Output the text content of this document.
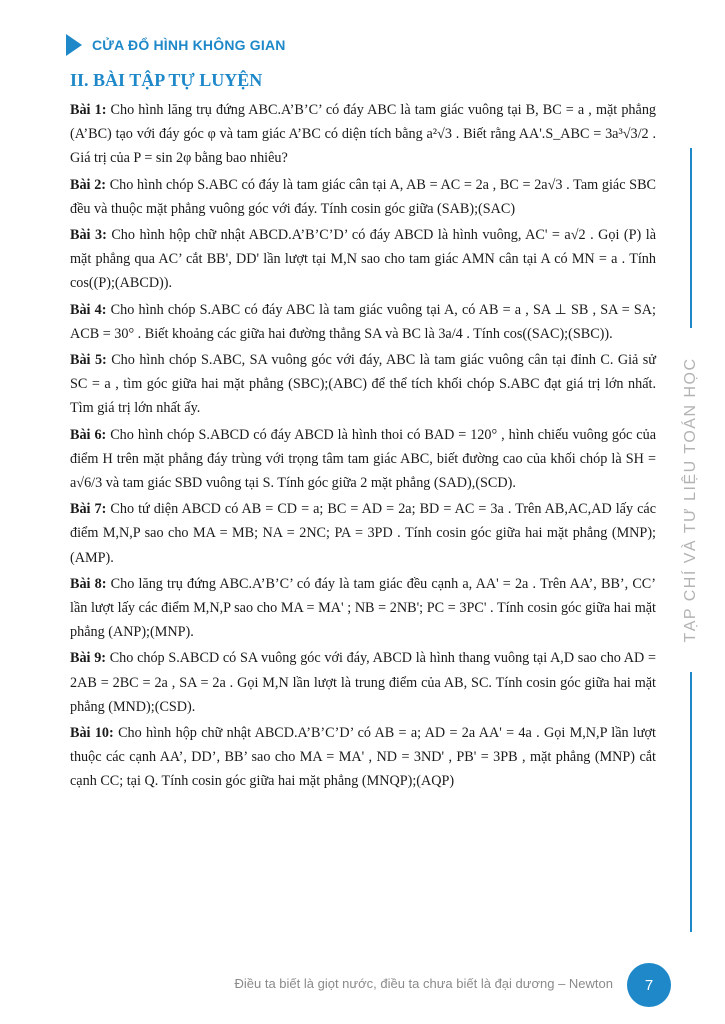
CỬA ĐỔ HÌNH KHÔNG GIAN
II. BÀI TẬP TỰ LUYỆN

Bài 1: Cho hình lăng trụ đứng ABC.A’B’C’ có đáy ABC là tam giác vuông tại B, BC = a , mặt phẳng (A’BC) tạo với đáy góc φ và tam giác A’BC có diện tích bằng a²√3 . Biết rằng AA'.S_ABC = 3a³√3/2 . Giá trị của P = sin 2φ bằng bao nhiêu?

Bài 2: Cho hình chóp S.ABC có đáy là tam giác cân tại A, AB = AC = 2a , BC = 2a√3 . Tam giác SBC đều và thuộc mặt phẳng vuông góc với đáy. Tính cosin góc giữa (SAB);(SAC)

Bài 3: Cho hình hộp chữ nhật ABCD.A’B’C’D’ có đáy ABCD là hình vuông, AC' = a√2 . Gọi (P) là mặt phẳng qua AC’ cắt BB', DD' lần lượt tại M,N sao cho tam giác AMN cân tại A có MN = a . Tính cos((P);(ABCD)).

Bài 4: Cho hình chóp S.ABC có đáy ABC là tam giác vuông tại A, có AB = a , SA ⊥ SB , SA = SA; ACB = 30° . Biết khoảng các giữa hai đường thẳng SA và BC là 3a/4 . Tính cos((SAC);(SBC)).

Bài 5: Cho hình chóp S.ABC, SA vuông góc với đáy, ABC là tam giác vuông cân tại đỉnh C. Giả sử SC = a , tìm góc giữa hai mặt phẳng (SBC);(ABC) để thể tích khối chóp S.ABC đạt giá trị lớn nhất. Tìm giá trị lớn nhất ấy.

Bài 6: Cho hình chóp S.ABCD có đáy ABCD là hình thoi có BAD = 120° , hình chiếu vuông góc của điểm H trên mặt phẳng đáy trùng với trọng tâm tam giác ABC, biết đường cao của khối chóp là SH = a√6/3 và tam giác SBD vuông tại S. Tính góc giữa 2 mặt phẳng (SAD),(SCD).

Bài 7: Cho tứ diện ABCD có AB = CD = a; BC = AD = 2a; BD = AC = 3a . Trên AB,AC,AD lấy các điểm M,N,P sao cho MA = MB; NA = 2NC; PA = 3PD . Tính cosin góc giữa hai mặt phẳng (MNP);(AMP).

Bài 8: Cho lăng trụ đứng ABC.A’B’C’ có đáy là tam giác đều cạnh a, AA' = 2a . Trên AA’, BB’, CC’ lần lượt lấy các điểm M,N,P sao cho MA = MA' ; NB = 2NB'; PC = 3PC' . Tính cosin góc giữa hai mặt phẳng (ANP);(MNP).

Bài 9: Cho chóp S.ABCD có SA vuông góc với đáy, ABCD là hình thang vuông tại A,D sao cho AD = 2AB = 2BC = 2a , SA = 2a . Gọi M,N lần lượt là trung điểm của AB, SC. Tính cosin góc giữa hai mặt phẳng (MND);(CSD).

Bài 10: Cho hình hộp chữ nhật ABCD.A’B’C’D’ có AB = a; AD = 2a AA' = 4a . Gọi M,N,P lần lượt thuộc các cạnh AA’, DD’, BB’ sao cho MA = MA' , ND = 3ND' , PB' = 3PB , mặt phẳng (MNP) cắt cạnh CC; tại Q. Tính cosin góc giữa hai mặt phẳng (MNQP);(AQP)

TẠP CHÍ VÀ TƯ LIỆU TOÁN HỌC
Điều ta biết là giọt nước, điều ta chưa biết là đại dương – Newton	7
